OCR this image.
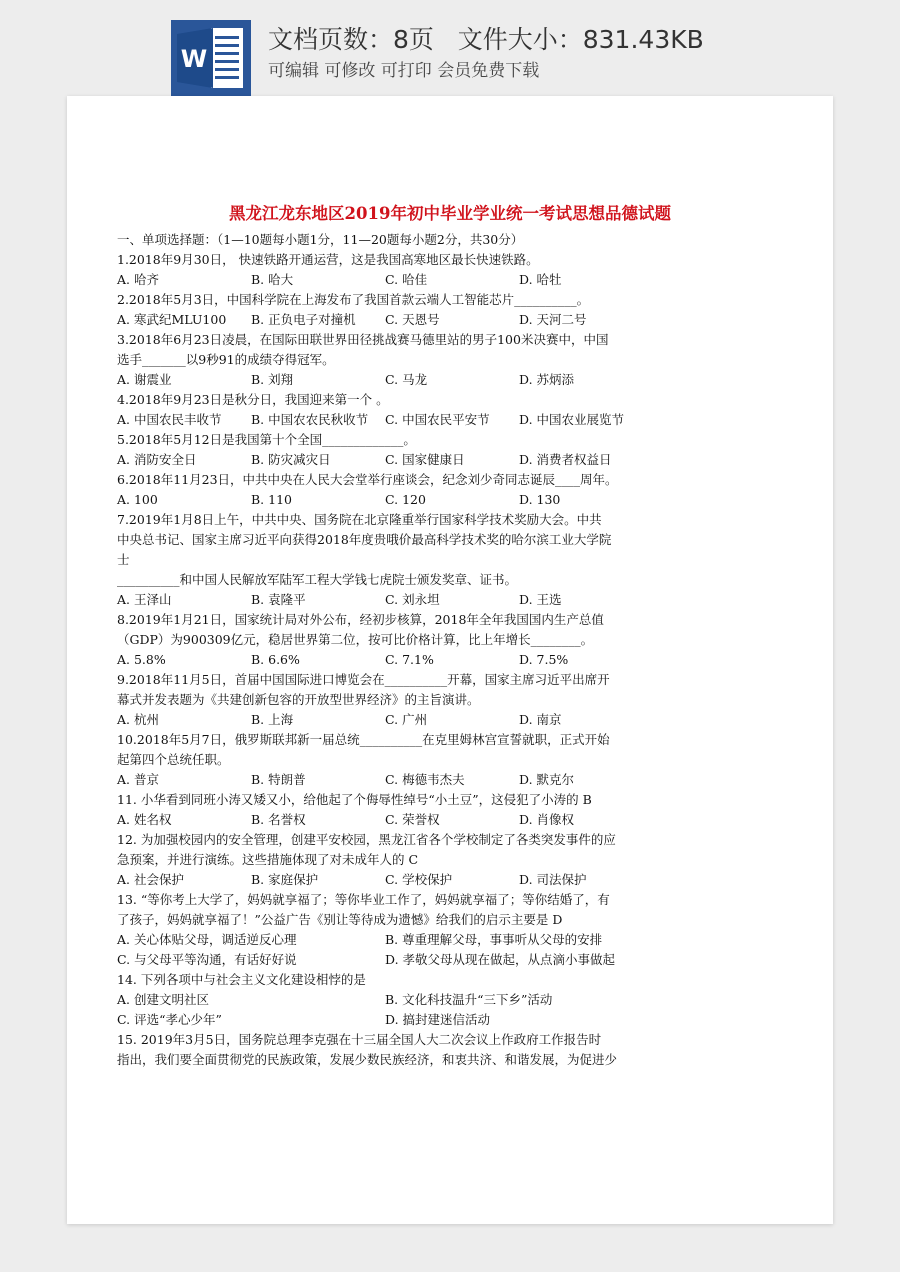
W
文档页数：8页   文件大小：831.43KB
可编辑 可修改 可打印 会员免费下载
黑龙江龙东地区2019年初中毕业学业统一考试思想品德试题
一、单项选择题：（1—10题每小题1分，11—20题每小题2分，共30分）
1.2018年9月30日， 快速铁路开通运营，这是我国高寒地区最长快速铁路。
A. 哈齐	B. 哈大	C. 哈佳	D. 哈牡
2.2018年5月3日，中国科学院在上海发布了我国首款云端人工智能芯片__________。
A. 寒武纪MLU100 B. 正负电子对撞机 C. 天恩号	D. 天河二号
3.2018年6月23日凌晨，在国际田联世界田径挑战赛马德里站的男子100米决赛中，中国
选手_______以9秒91的成绩夺得冠军。
A. 谢震业	B. 刘翔	C. 马龙	D. 苏炳添
4.2018年9月23日是秋分日，我国迎来第一个 。
A. 中国农民丰收节 B. 中国农农民秋收节 C. 中国农民平安节 D. 中国农业展览节
5.2018年5月12日是我国第十个全国_____________。
A. 消防安全日	B. 防灾减灾日	C. 国家健康日	D. 消费者权益日
6.2018年11月23日，中共中央在人民大会堂举行座谈会，纪念刘少奇同志诞辰____周年。
A. 100	B. 110	C. 120	D. 130
7.2019年1月8日上午，中共中央、国务院在北京隆重举行国家科学技术奖励大会。中共
中央总书记、国家主席习近平向获得2018年度贵哦价最高科学技术奖的哈尔滨工业大学院
士
__________和中国人民解放军陆军工程大学钱七虎院士颁发奖章、证书。
A. 王泽山	B. 袁隆平	C. 刘永坦	D. 王选
8.2019年1月21日，国家统计局对外公布，经初步核算，2018年全年我国国内生产总值
（GDP）为900309亿元，稳居世界第二位，按可比价格计算，比上年增长________。
A. 5.8%	B. 6.6%	C. 7.1%	D. 7.5%
9.2018年11月5日，首届中国国际进口博览会在__________开幕，国家主席习近平出席开
幕式并发表题为《共建创新包容的开放型世界经济》的主旨演讲。
A. 杭州	B. 上海	C. 广州	D. 南京
10.2018年5月7日，俄罗斯联邦新一届总统__________在克里姆林宫宣誓就职，正式开始
起第四个总统任职。
A. 普京	B. 特朗普	C. 梅德韦杰夫	D. 默克尔
11. 小华看到同班小涛又矮又小，给他起了个侮辱性绰号“小土豆”，这侵犯了小涛的 B
A. 姓名权	B. 名誉权	C. 荣誉权	D. 肖像权
12. 为加强校园内的安全管理，创建平安校园，黑龙江省各个学校制定了各类突发事件的应
急预案，并进行演练。这些措施体现了对未成年人的 C
A. 社会保护	B. 家庭保护	C. 学校保护	D. 司法保护
13. “等你考上大学了，妈妈就享福了；等你毕业工作了，妈妈就享福了；等你结婚了，有
了孩子，妈妈就享福了！”公益广告《别让等待成为遗憾》给我们的启示主要是 D
A. 关心体贴父母，调适逆反心理	B. 尊重理解父母，事事听从父母的安排
C. 与父母平等沟通，有话好好说	D. 孝敬父母从现在做起，从点滴小事做起
14. 下列各项中与社会主义文化建设相悖的是
A. 创建文明社区	B. 文化科技温升“三下乡”活动
C. 评选“孝心少年”	D. 搞封建迷信活动
15. 2019年3月5日，国务院总理李克强在十三届全国人大二次会议上作政府工作报告时
指出，我们要全面贯彻党的民族政策，发展少数民族经济，和衷共济、和谐发展，为促进少
